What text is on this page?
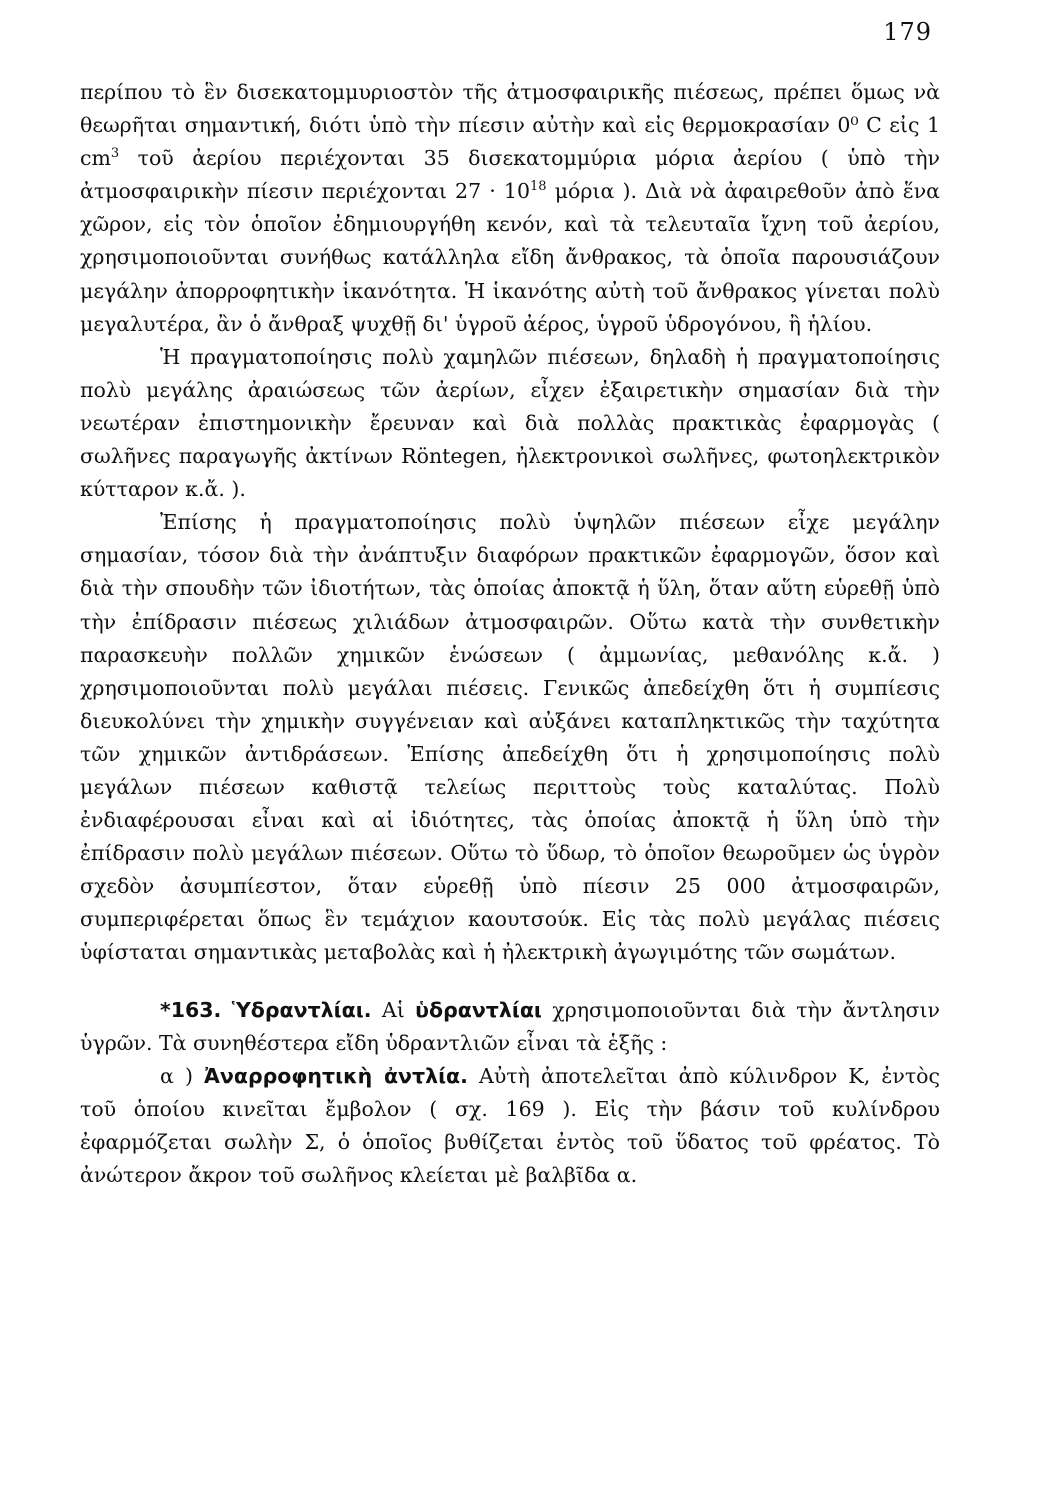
179

περίπου τὸ ἓν δισεκατομμυριοστὸν τῆς ἀτμοσφαιρικῆς πιέσεως, πρέπει ὅμως νὰ θεωρῆται σημαντική, διότι ὑπὸ τὴν πίεσιν αὐτὴν καὶ εἰς θερμοκρασίαν 0⁰ C εἰς 1 $cm^3$ τοῦ ἀερίου περιέχονται 35 δισεκατομμύρια μόρια ἀερίου ( ὑπὸ τὴν ἀτμοσφαιρικὴν πίεσιν περιέχονται $27 \cdot 10^{18}$ μόρια ). Διὰ νὰ ἀφαιρεθοῦν ἀπὸ ἕνα χῶρον, εἰς τὸν ὁποῖον ἐδημιουργήθη κενόν, καὶ τὰ τελευταῖα ἴχνη τοῦ ἀερίου, χρησιμοποιοῦνται συνήθως κατάλληλα εἴδη ἄνθρακος, τὰ ὁποῖα παρουσιάζουν μεγάλην ἀπορροφητικὴν ἱκανότητα. Ἡ ἱκανότης αὐτὴ τοῦ ἄνθρακος γίνεται πολὺ μεγαλυτέρα, ἂν ὁ ἄνθραξ ψυχθῇ δι' ὑγροῦ ἀέρος, ὑγροῦ ὑδρογόνου, ἢ ἡλίου.

Ἡ πραγματοποίησις πολὺ χαμηλῶν πιέσεων, δηλαδὴ ἡ πραγματοποίησις πολὺ μεγάλης ἀραιώσεως τῶν ἀερίων, εἶχεν ἐξαιρετικὴν σημασίαν διὰ τὴν νεωτέραν ἐπιστημονικὴν ἔρευναν καὶ διὰ πολλὰς πρακτικὰς ἐφαρμογὰς ( σωλῆνες παραγωγῆς ἀκτίνων Röntegen, ἠλεκτρονικοὶ σωλῆνες, φωτοηλεκτρικὸν κύτταρον κ.ἄ. ).

Ἐπίσης ἡ πραγματοποίησις πολὺ ὑψηλῶν πιέσεων εἶχε μεγάλην σημασίαν, τόσον διὰ τὴν ἀνάπτυξιν διαφόρων πρακτικῶν ἐφαρμογῶν, ὅσον καὶ διὰ τὴν σπουδὴν τῶν ἰδιοτήτων, τὰς ὁποίας ἀποκτᾷ ἡ ὕλη, ὅταν αὕτη εὑρεθῇ ὑπὸ τὴν ἐπίδρασιν πιέσεως χιλιάδων ἀτμοσφαιρῶν. Οὕτω κατὰ τὴν συνθετικὴν παρασκευὴν πολλῶν χημικῶν ἑνώσεων ( ἀμμωνίας, μεθανόλης κ.ἄ. ) χρησιμοποιοῦνται πολὺ μεγάλαι πιέσεις. Γενικῶς ἀπεδείχθη ὅτι ἡ συμπίεσις διευκολύνει τὴν χημικὴν συγγένειαν καὶ αὐξάνει καταπληκτικῶς τὴν ταχύτητα τῶν χημικῶν ἀντιδράσεων. Ἐπίσης ἀπεδείχθη ὅτι ἡ χρησιμοποίησις πολὺ μεγάλων πιέσεων καθιστᾷ τελείως περιττοὺς τοὺς καταλύτας. Πολὺ ἐνδιαφέρουσαι εἶναι καὶ αἱ ἰδιότητες, τὰς ὁποίας ἀποκτᾷ ἡ ὕλη ὑπὸ τὴν ἐπίδρασιν πολὺ μεγάλων πιέσεων. Οὕτω τὸ ὕδωρ, τὸ ὁποῖον θεωροῦμεν ὡς ὑγρὸν σχεδὸν ἀσυμπίεστον, ὅταν εὑρεθῇ ὑπὸ πίεσιν 25 000 ἀτμοσφαιρῶν, συμπεριφέρεται ὅπως ἓν τεμάχιον καουτσούκ. Εἰς τὰς πολὺ μεγάλας πιέσεις ὑφίσταται σημαντικὰς μεταβολὰς καὶ ἡ ἠλεκτρικὴ ἀγωγιμότης τῶν σωμάτων.

*163. Ὑδραντλίαι. Αἱ ὑδραντλίαι χρησιμοποιοῦνται διὰ τὴν ἄντλησιν ὑγρῶν. Τὰ συνηθέστερα εἴδη ὑδραντλιῶν εἶναι τὰ ἑξῆς :

α ) Ἀναρροφητικὴ ἀντλία. Αὐτὴ ἀποτελεῖται ἀπὸ κύλινδρον Κ, ἐντὸς τοῦ ὁποίου κινεῖται ἔμβολον ( σχ. 169 ). Εἰς τὴν βάσιν τοῦ κυλίνδρου ἐφαρμόζεται σωλὴν Σ, ὁ ὁποῖος βυθίζεται ἐντὸς τοῦ ὕδατος τοῦ φρέατος. Τὸ ἀνώτερον ἄκρον τοῦ σωλῆνος κλείεται μὲ βαλβῖδα α.
